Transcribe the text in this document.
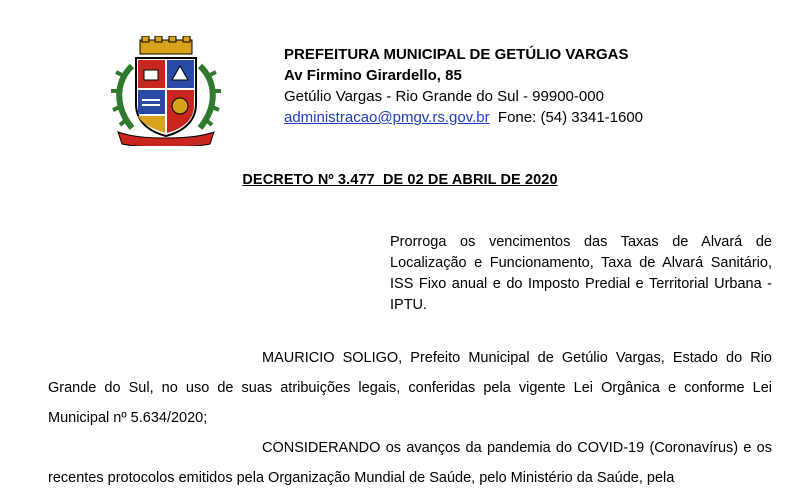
PREFEITURA MUNICIPAL DE GETÚLIO VARGAS
Av Firmino Girardello, 85
Getúlio Vargas - Rio Grande do Sul - 99900-000
administracao@pmgv.rs.gov.br Fone: (54) 3341-1600
DECRETO Nº 3.477  DE 02 DE ABRIL DE 2020
Prorroga os vencimentos das Taxas de Alvará de Localização e Funcionamento, Taxa de Alvará Sanitário, ISS Fixo anual e do Imposto Predial e Territorial Urbana - IPTU.

MAURICIO SOLIGO, Prefeito Municipal de Getúlio Vargas, Estado do Rio Grande do Sul, no uso de suas atribuições legais, conferidas pela vigente Lei Orgânica e conforme Lei Municipal nº 5.634/2020;

CONSIDERANDO os avanços da pandemia do COVID-19 (Coronavírus) e os recentes protocolos emitidos pela Organização Mundial de Saúde, pelo Ministério da Saúde, pela
